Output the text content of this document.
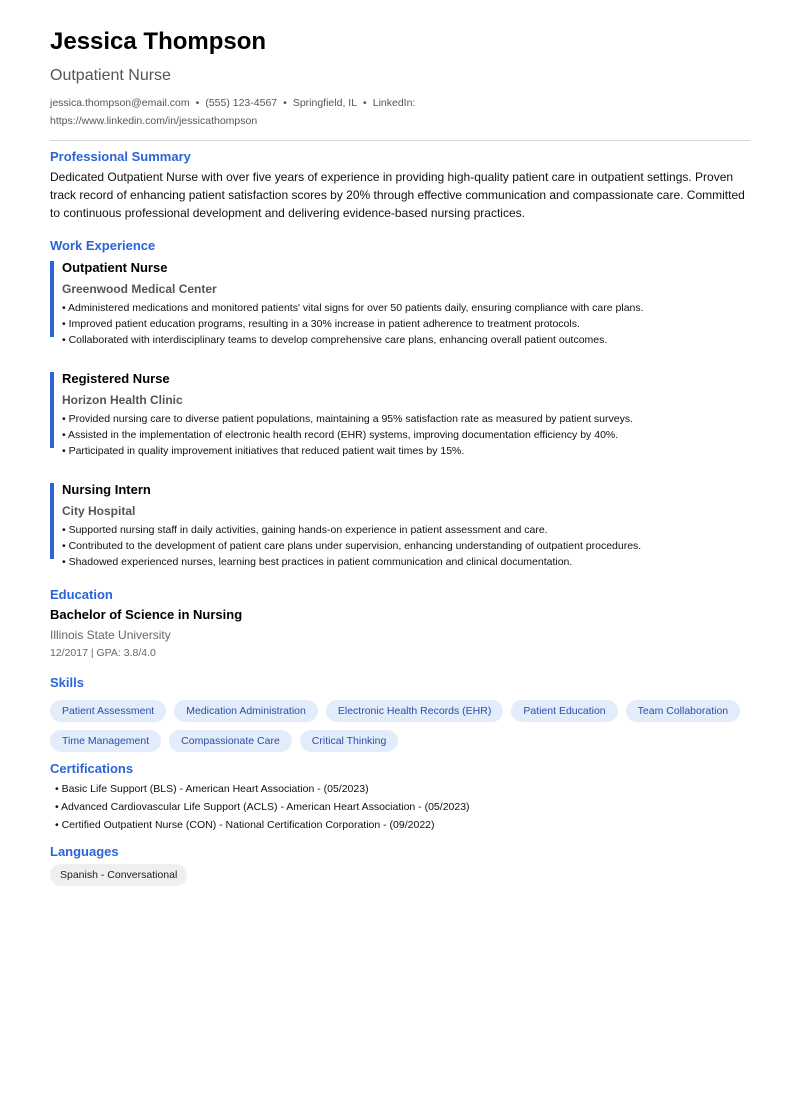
Jessica Thompson
Outpatient Nurse
jessica.thompson@email.com • (555) 123-4567 • Springfield, IL • LinkedIn:
https://www.linkedin.com/in/jessicathompson
Professional Summary
Dedicated Outpatient Nurse with over five years of experience in providing high-quality patient care in outpatient settings. Proven track record of enhancing patient satisfaction scores by 20% through effective communication and compassionate care. Committed to continuous professional development and delivering evidence-based nursing practices.
Work Experience
Outpatient Nurse
Greenwood Medical Center
• Administered medications and monitored patients' vital signs for over 50 patients daily, ensuring compliance with care plans.
• Improved patient education programs, resulting in a 30% increase in patient adherence to treatment protocols.
• Collaborated with interdisciplinary teams to develop comprehensive care plans, enhancing overall patient outcomes.
Registered Nurse
Horizon Health Clinic
• Provided nursing care to diverse patient populations, maintaining a 95% satisfaction rate as measured by patient surveys.
• Assisted in the implementation of electronic health record (EHR) systems, improving documentation efficiency by 40%.
• Participated in quality improvement initiatives that reduced patient wait times by 15%.
Nursing Intern
City Hospital
• Supported nursing staff in daily activities, gaining hands-on experience in patient assessment and care.
• Contributed to the development of patient care plans under supervision, enhancing understanding of outpatient procedures.
• Shadowed experienced nurses, learning best practices in patient communication and clinical documentation.
Education
Bachelor of Science in Nursing
Illinois State University
12/2017 | GPA: 3.8/4.0
Skills
Patient Assessment	Medication Administration	Electronic Health Records (EHR)	Patient Education	Team Collaboration
Time Management	Compassionate Care	Critical Thinking
Certifications
• Basic Life Support (BLS) - American Heart Association - (05/2023)
• Advanced Cardiovascular Life Support (ACLS) - American Heart Association - (05/2023)
• Certified Outpatient Nurse (CON) - National Certification Corporation - (09/2022)
Languages
Spanish - Conversational
